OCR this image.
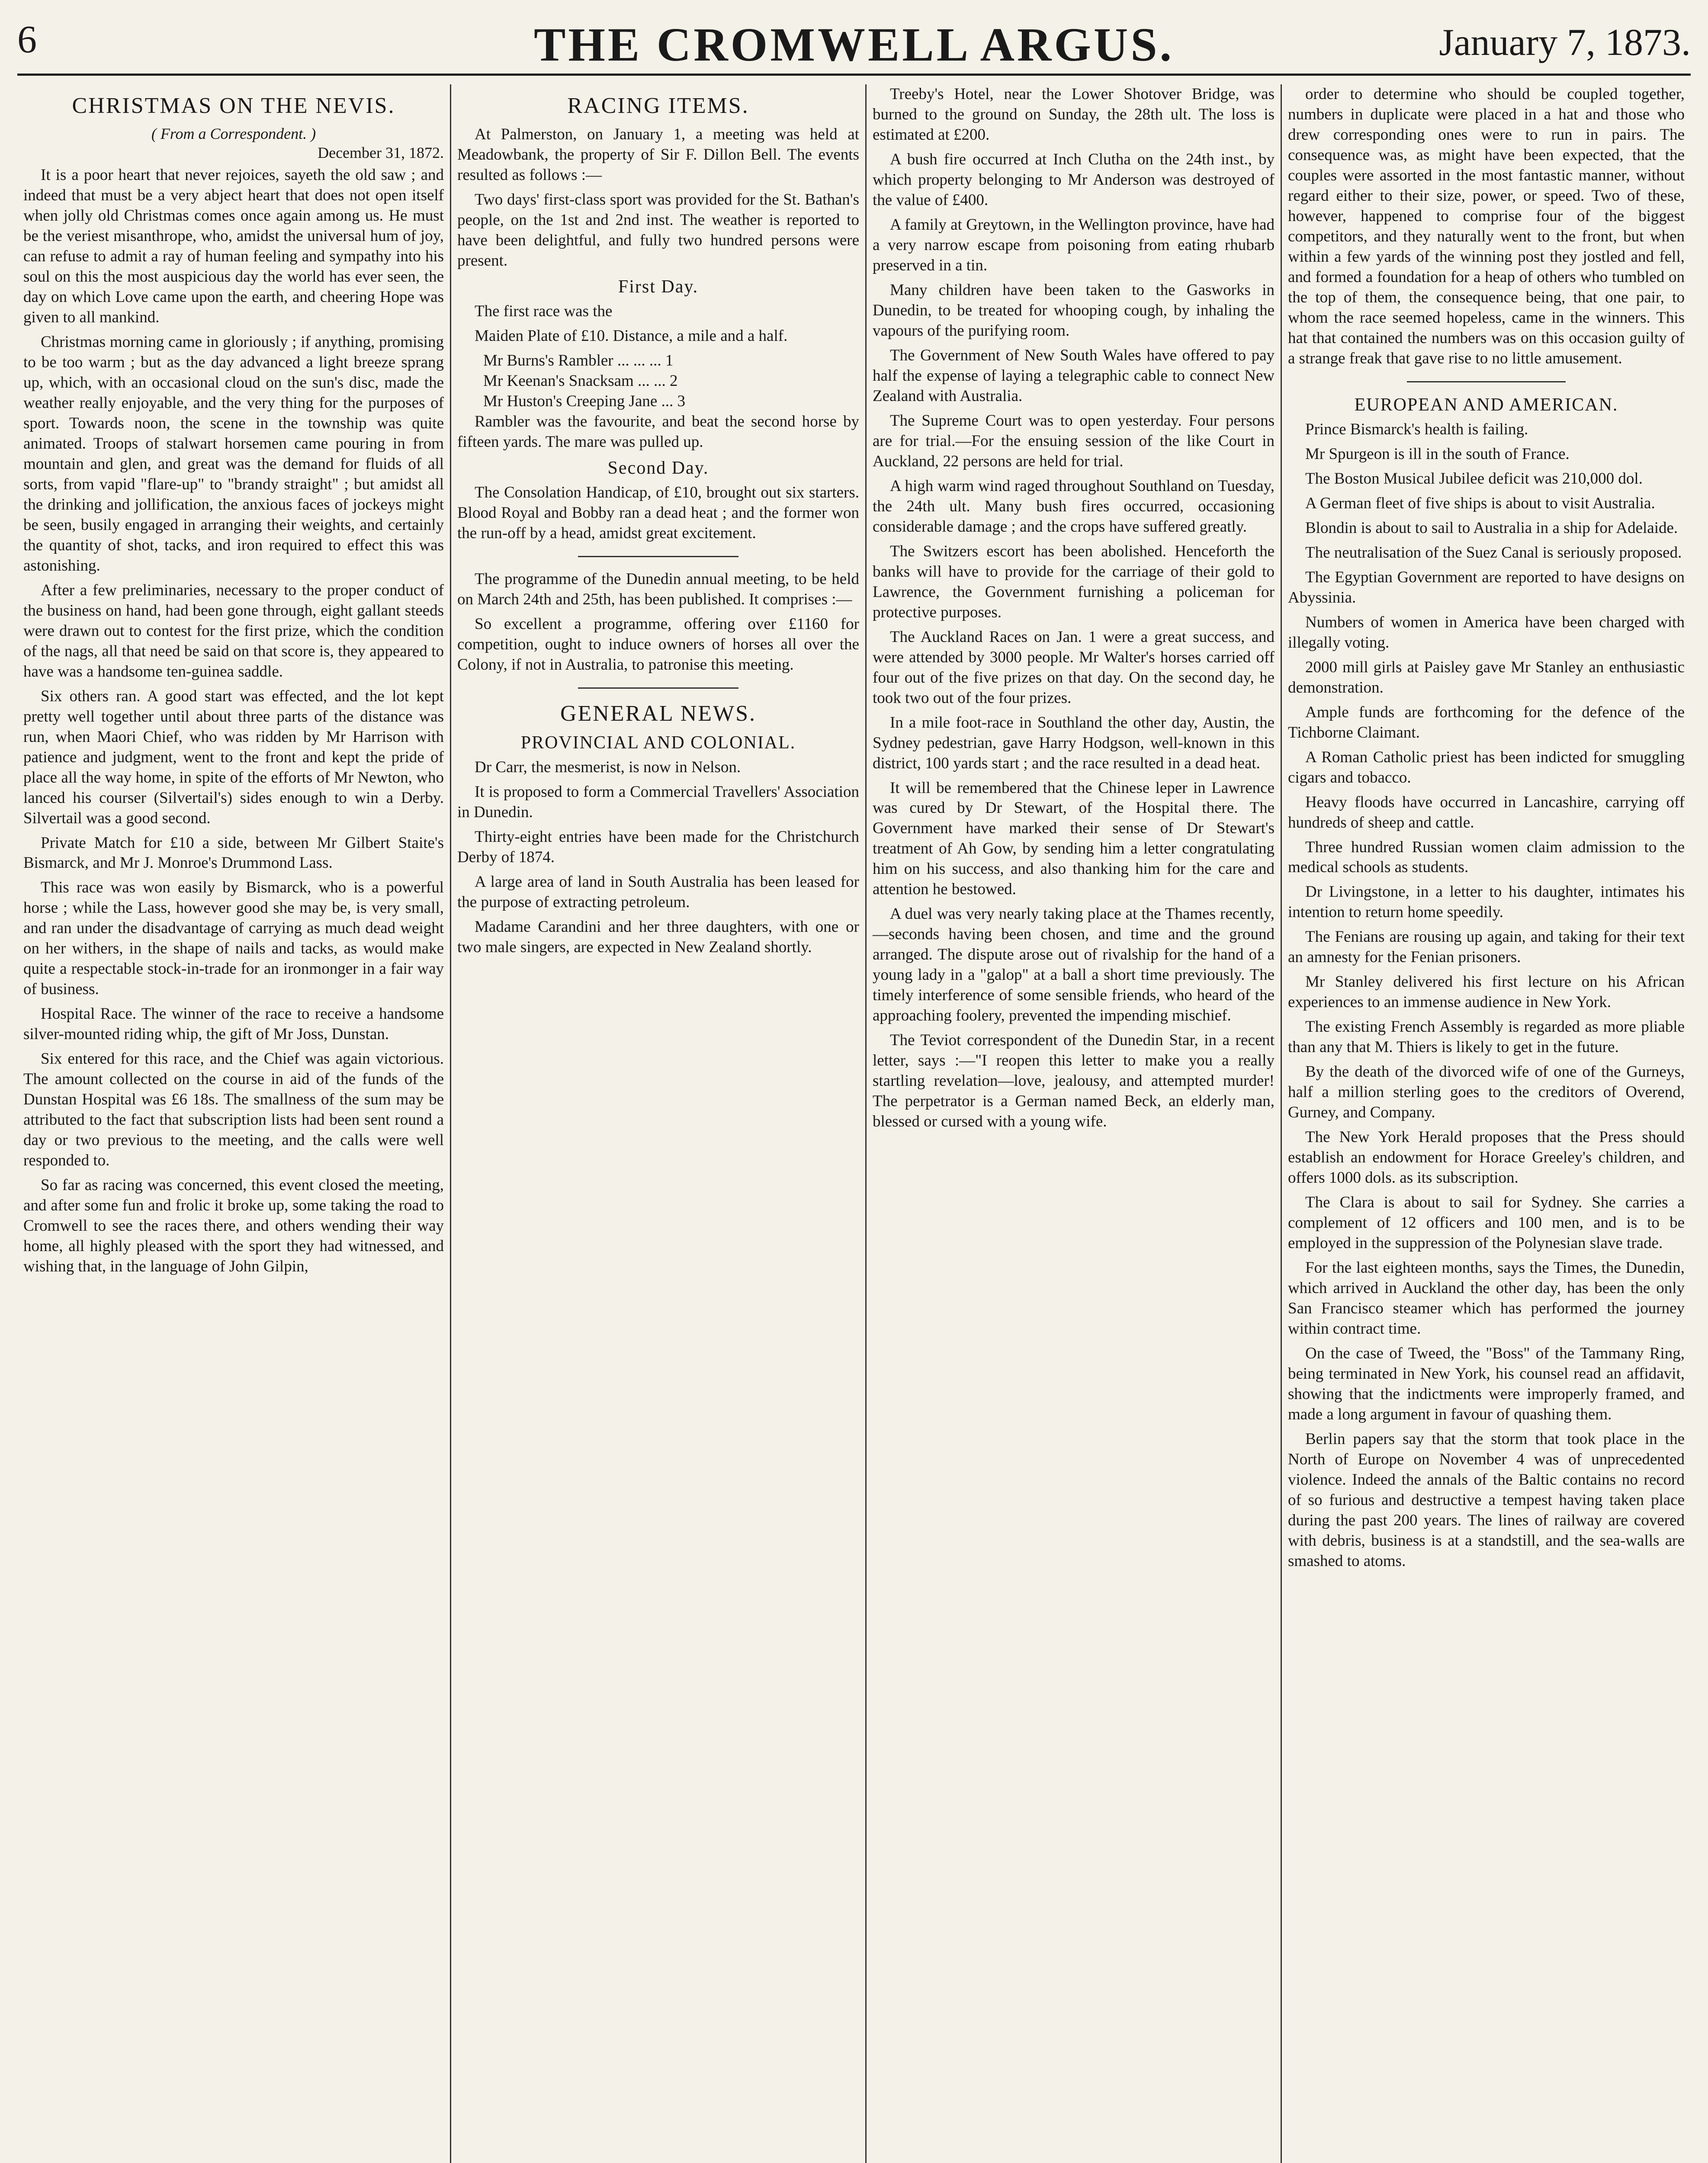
6	THE CROMWELL ARGUS.	January 7, 1873.
CHRISTMAS ON THE NEVIS.
( From a Correspondent. )
December 31, 1872.

It is a poor heart that never rejoices, sayeth the old saw ; and indeed that must be a very abject heart that does not open itself when jolly old Christmas comes once again among us. He must be the veriest misanthrope, who, amidst the universal hum of joy, can refuse to admit a ray of human feeling and sympathy into his soul on this the most auspicious day the world has ever seen, the day on which Love came upon the earth, and cheering Hope was given to all mankind.

Christmas morning came in gloriously ; if anything, promising to be too warm ; but as the day advanced a light breeze sprang up, which, with an occasional cloud on the sun's disc, made the weather really enjoyable, and the very thing for the purposes of sport. Towards noon, the scene in the township was quite animated. Troops of stalwart horsemen came pouring in from mountain and glen, and great was the demand for fluids of all sorts, from vapid "flare-up" to "brandy straight" ; but amidst all the drinking and jollification, the anxious faces of jockeys might be seen, busily engaged in arranging their weights, and certainly the quantity of shot, tacks, and iron required to effect this was astonishing.

After a few preliminaries, necessary to the proper conduct of the business on hand, had been gone through, eight gallant steeds were drawn out to contest for the first prize, which the condition of the nags, all that need be said on that score is, they appeared to have was a handsome ten-guinea saddle.

Six others ran. A good start was effected, and the lot kept pretty well together until about three parts of the distance was run, when Maori Chief, who was ridden by Mr Harrison with patience and judgment, went to the front and kept the pride of place all the way home, in spite of the efforts of Mr Newton, who lanced his courser (Silvertail's) sides enough to win a Derby. Silvertail was a good second.

Private Match for £10 a side, between Mr Gilbert Staite's Bismarck, and Mr J. Monroe's Drummond Lass.

This race was won easily by Bismarck, who is a powerful horse ; while the Lass, however good she may be, is very small, and ran under the disadvantage of carrying as much dead weight on her withers, in the shape of nails and tacks, as would make quite a respectable stock-in-trade for an ironmonger in a fair way of business.

Hospital Race. The winner of the race to receive a handsome silver-mounted riding whip, the gift of Mr Joss, Dunstan.

Six entered for this race, and the Chief was again victorious. The amount collected on the course in aid of the funds of the Dunstan Hospital was £6 18s. The smallness of the sum may be attributed to the fact that subscription lists had been sent round a day or two previous to the meeting, and the calls were well responded to.

So far as racing was concerned, this event closed the meeting, and after some fun and frolic it broke up, some taking the road to Cromwell to see the races there, and others wending their way home, all highly pleased with the sport they had witnessed, and wishing that, in the language of John Gilpin,

RACING ITEMS.

At Palmerston, on January 1, a meeting was held at Meadowbank, the property of Sir F. Dillon Bell. The events resulted as follows :—

Two days' first-class sport was provided for the St. Bathan's people, on the 1st and 2nd inst. The weather is reported to have been delightful, and fully two hundred persons were present.

First Day.

The first race was the

Maiden Plate of £10. Distance, a mile and a half.

Mr Burns's Rambler ... ... ... 1

Mr Keenan's Snacksam ... ... 2

Mr Huston's Creeping Jane ... 3

Rambler was the favourite, and beat the second horse by fifteen yards. The mare was pulled up.

Second Day.

The Consolation Handicap, of £10, brought out six starters. Blood Royal and Bobby ran a dead heat ; and the former won the run-off by a head, amidst great excitement.

The programme of the Dunedin annual meeting, to be held on March 24th and 25th, has been published. It comprises :—

So excellent a programme, offering over £1160 for competition, ought to induce owners of horses all over the Colony, if not in Australia, to patronise this meeting.

GENERAL NEWS.
PROVINCIAL AND COLONIAL.

Dr Carr, the mesmerist, is now in Nelson.

It is proposed to form a Commercial Travellers' Association in Dunedin.

Thirty-eight entries have been made for the Christchurch Derby of 1874.

A large area of land in South Australia has been leased for the purpose of extracting petroleum.

Madame Carandini and her three daughters, with one or two male singers, are expected in New Zealand shortly.

Treeby's Hotel, near the Lower Shotover Bridge, was burned to the ground on Sunday, the 28th ult. The loss is estimated at £200.

A bush fire occurred at Inch Clutha on the 24th inst., by which property belonging to Mr Anderson was destroyed of the value of £400.

A family at Greytown, in the Wellington province, have had a very narrow escape from poisoning from eating rhubarb preserved in a tin.

Many children have been taken to the Gasworks in Dunedin, to be treated for whooping cough, by inhaling the vapours of the purifying room.

The Government of New South Wales have offered to pay half the expense of laying a telegraphic cable to connect New Zealand with Australia.

The Supreme Court was to open yesterday. Four persons are for trial.—For the ensuing session of the like Court in Auckland, 22 persons are held for trial.

A high warm wind raged throughout Southland on Tuesday, the 24th ult. Many bush fires occurred, occasioning considerable damage ; and the crops have suffered greatly.

The Switzers escort has been abolished. Henceforth the banks will have to provide for the carriage of their gold to Lawrence, the Government furnishing a policeman for protective purposes.

The Auckland Races on Jan. 1 were a great success, and were attended by 3000 people. Mr Walter's horses carried off four out of the five prizes on that day. On the second day, he took two out of the four prizes.

In a mile foot-race in Southland the other day, Austin, the Sydney pedestrian, gave Harry Hodgson, well-known in this district, 100 yards start ; and the race resulted in a dead heat.

It will be remembered that the Chinese leper in Lawrence was cured by Dr Stewart, of the Hospital there. The Government have marked their sense of Dr Stewart's treatment of Ah Gow, by sending him a letter congratulating him on his success, and also thanking him for the care and attention he bestowed.

A duel was very nearly taking place at the Thames recently,—seconds having been chosen, and time and the ground arranged. The dispute arose out of rivalship for the hand of a young lady in a "galop" at a ball a short time previously. The timely interference of some sensible friends, who heard of the approaching foolery, prevented the impending mischief.

The Teviot correspondent of the Dunedin Star, in a recent letter, says :—"I reopen this letter to make you a really startling revelation—love, jealousy, and attempted murder! The perpetrator is a German named Beck, an elderly man, blessed or cursed with a young wife.

order to determine who should be coupled together, numbers in duplicate were placed in a hat and those who drew corresponding ones were to run in pairs. The consequence was, as might have been expected, that the couples were assorted in the most fantastic manner, without regard either to their size, power, or speed. Two of these, however, happened to comprise four of the biggest competitors, and they naturally went to the front, but when within a few yards of the winning post they jostled and fell, and formed a foundation for a heap of others who tumbled on the top of them, the consequence being, that one pair, to whom the race seemed hopeless, came in the winners. This hat that contained the numbers was on this occasion guilty of a strange freak that gave rise to no little amusement.

EUROPEAN AND AMERICAN.

Prince Bismarck's health is failing.

Mr Spurgeon is ill in the south of France.

The Boston Musical Jubilee deficit was 210,000 dol.

A German fleet of five ships is about to visit Australia.

Blondin is about to sail to Australia in a ship for Adelaide.

The neutralisation of the Suez Canal is seriously proposed.

The Egyptian Government are reported to have designs on Abyssinia.

Numbers of women in America have been charged with illegally voting.

2000 mill girls at Paisley gave Mr Stanley an enthusiastic demonstration.

Ample funds are forthcoming for the defence of the Tichborne Claimant.

A Roman Catholic priest has been indicted for smuggling cigars and tobacco.

Heavy floods have occurred in Lancashire, carrying off hundreds of sheep and cattle.

Three hundred Russian women claim admission to the medical schools as students.

Dr Livingstone, in a letter to his daughter, intimates his intention to return home speedily.

The Fenians are rousing up again, and taking for their text an amnesty for the Fenian prisoners.

Mr Stanley delivered his first lecture on his African experiences to an immense audience in New York.

The existing French Assembly is regarded as more pliable than any that M. Thiers is likely to get in the future.

By the death of the divorced wife of one of the Gurneys, half a million sterling goes to the creditors of Overend, Gurney, and Company.

The New York Herald proposes that the Press should establish an endowment for Horace Greeley's children, and offers 1000 dols. as its subscription.

The Clara is about to sail for Sydney. She carries a complement of 12 officers and 100 men, and is to be employed in the suppression of the Polynesian slave trade.

For the last eighteen months, says the Times, the Dunedin, which arrived in Auckland the other day, has been the only San Francisco steamer which has performed the journey within contract time.

On the case of Tweed, the "Boss" of the Tammany Ring, being terminated in New York, his counsel read an affidavit, showing that the indictments were improperly framed, and made a long argument in favour of quashing them.

Berlin papers say that the storm that took place in the North of Europe on November 4 was of unprecedented violence. Indeed the annals of the Baltic contains no record of so furious and destructive a tempest having taken place during the past 200 years. The lines of railway are covered with debris, business is at a standstill, and the sea-walls are smashed to atoms.
